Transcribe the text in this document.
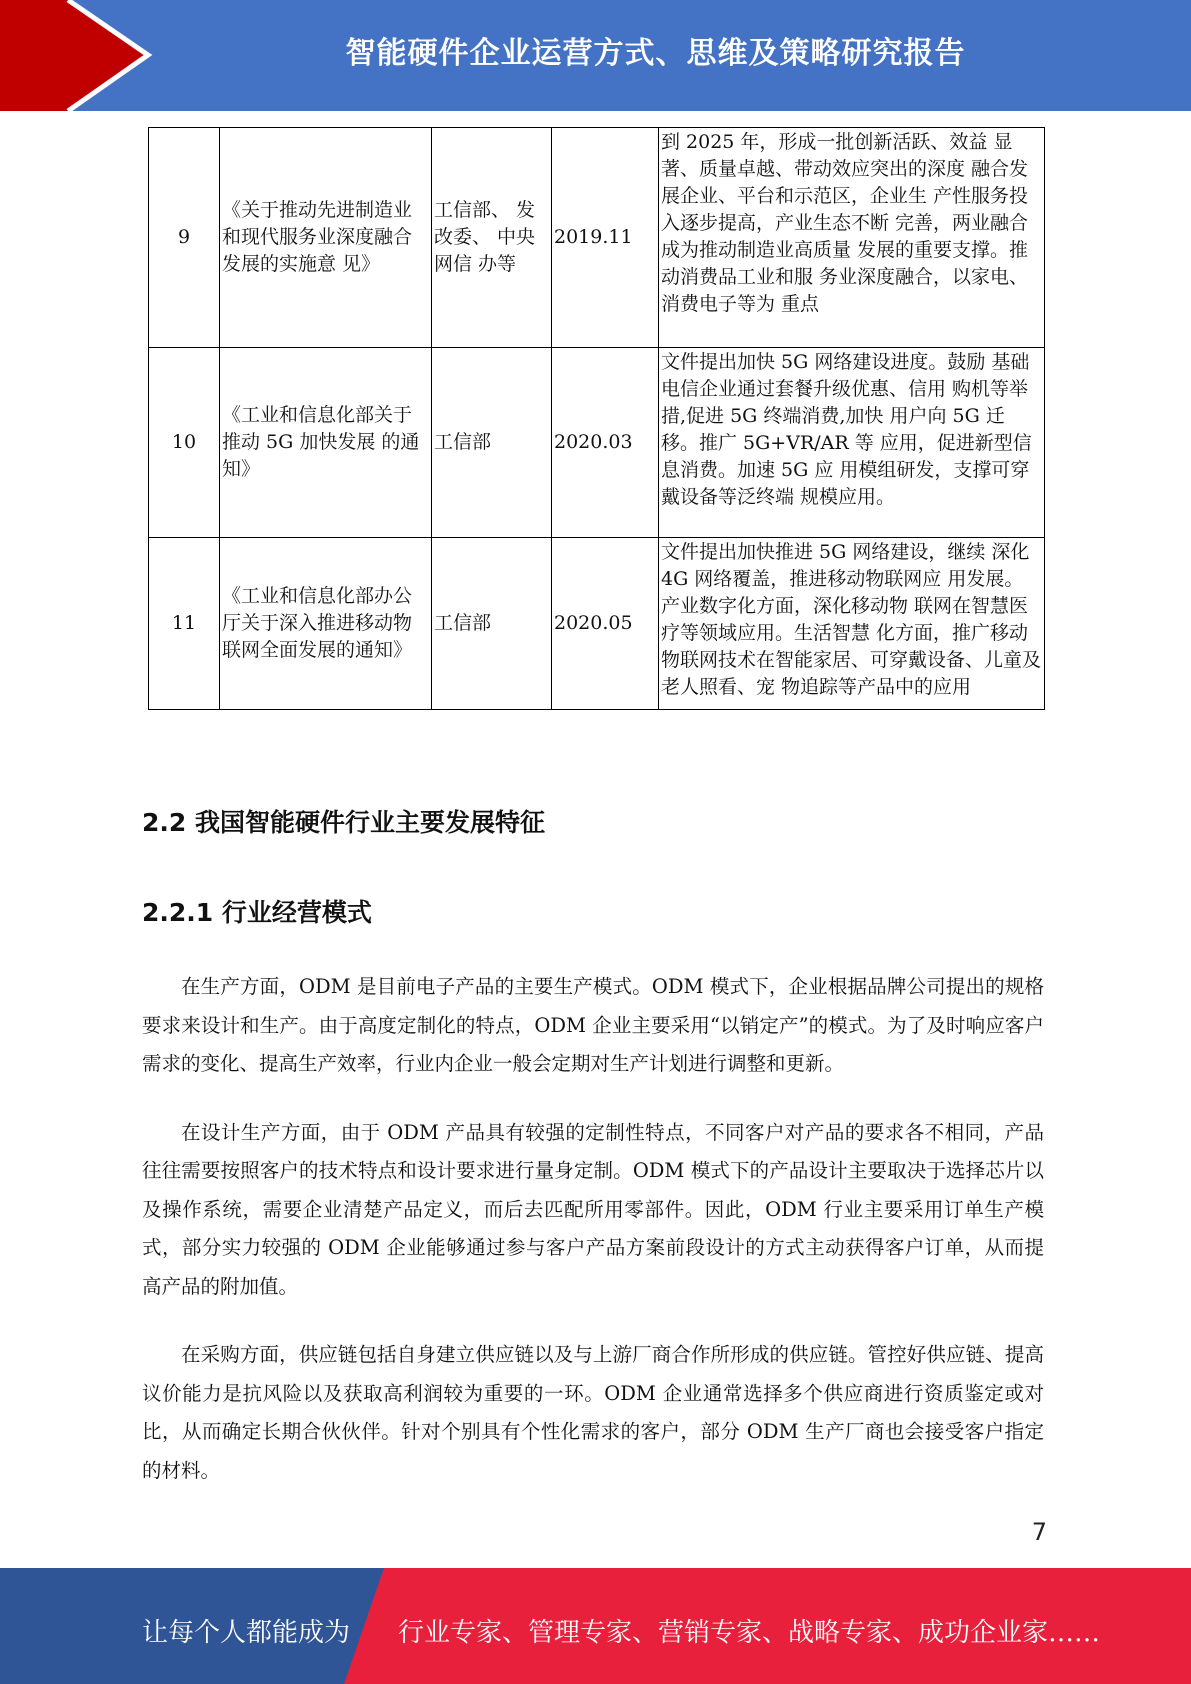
智能硬件企业运营方式、思维及策略研究报告
9	《关于推动先进制造业和现代服务业深度融合发展的实施意 见》	工信部、 发改委、 中央网信 办等	2019.11	到 2025 年，形成一批创新活跃、效益 显著、质量卓越、带动效应突出的深度 融合发展企业、平台和示范区，企业生 产性服务投入逐步提高，产业生态不断 完善，两业融合成为推动制造业高质量 发展的重要支撑。推动消费品工业和服 务业深度融合，以家电、消费电子等为 重点
10	《工业和信息化部关于推动 5G 加快发展 的通知》	工信部	2020.03	文件提出加快 5G 网络建设进度。鼓励 基础电信企业通过套餐升级优惠、信用 购机等举措,促进 5G 终端消费,加快 用户向 5G 迁移。推广 5G+VR/AR 等 应用，促进新型信息消费。加速 5G 应 用模组研发，支撑可穿戴设备等泛终端 规模应用。
11	《工业和信息化部办公厅关于深入推进移动物联网全面发展的通知》	工信部	2020.05	文件提出加快推进 5G 网络建设，继续 深化 4G 网络覆盖，推进移动物联网应 用发展。产业数字化方面，深化移动物 联网在智慧医疗等领域应用。生活智慧 化方面，推广移动物联网技术在智能家居、可穿戴设备、儿童及老人照看、宠 物追踪等产品中的应用
2.2 我国智能硬件行业主要发展特征
2.2.1 行业经营模式

在生产方面，ODM 是目前电子产品的主要生产模式。ODM 模式下，企业根据品牌公司提出的规格要求来设计和生产。由于高度定制化的特点，ODM 企业主要采用“以销定产”的模式。为了及时响应客户需求的变化、提高生产效率，行业内企业一般会定期对生产计划进行调整和更新。

在设计生产方面，由于 ODM 产品具有较强的定制性特点，不同客户对产品的要求各不相同，产品往往需要按照客户的技术特点和设计要求进行量身定制。ODM 模式下的产品设计主要取决于选择芯片以及操作系统，需要企业清楚产品定义，而后去匹配所用零部件。因此，ODM 行业主要采用订单生产模式，部分实力较强的 ODM 企业能够通过参与客户产品方案前段设计的方式主动获得客户订单，从而提高产品的附加值。

在采购方面，供应链包括自身建立供应链以及与上游厂商合作所形成的供应链。管控好供应链、提高议价能力是抗风险以及获取高利润较为重要的一环。ODM 企业通常选择多个供应商进行资质鉴定或对比，从而确定长期合伙伙伴。针对个别具有个性化需求的客户，部分 ODM 生产厂商也会接受客户指定的材料。

7
让每个人都能成为 行业专家、管理专家、营销专家、战略专家、成功企业家……
